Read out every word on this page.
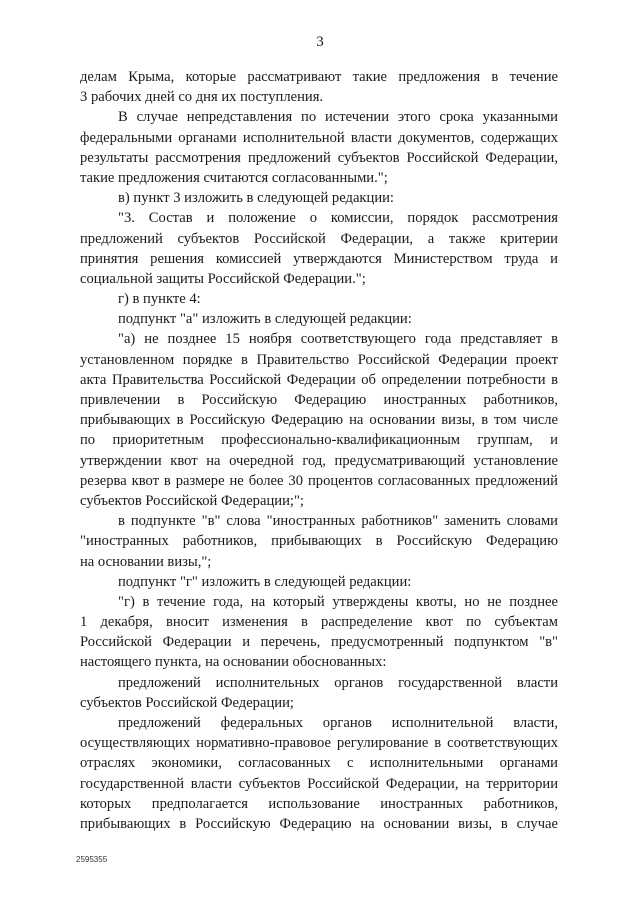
3
делам Крыма, которые рассматривают такие предложения в течение
3 рабочих дней со дня их поступления.
В случае непредставления по истечении этого срока указанными
федеральными органами исполнительной власти документов, содержащих
результаты рассмотрения предложений субъектов Российской Федерации,
такие предложения считаются согласованными.";
в) пункт 3 изложить в следующей редакции:
"3. Состав и положение о комиссии, порядок рассмотрения
предложений субъектов Российской Федерации, а также критерии
принятия решения комиссией утверждаются Министерством труда и
социальной защиты Российской Федерации.";
г) в пункте 4:
подпункт "а" изложить в следующей редакции:
"а) не позднее 15 ноября соответствующего года представляет в
установленном порядке в Правительство Российской Федерации проект
акта Правительства Российской Федерации об определении потребности в
привлечении в Российскую Федерацию иностранных работников,
прибывающих в Российскую Федерацию на основании визы, в том числе
по приоритетным профессионально-квалификационным группам, и
утверждении квот на очередной год, предусматривающий установление
резерва квот в размере не более 30 процентов согласованных предложений
субъектов Российской Федерации;";
в подпункте "в" слова "иностранных работников" заменить словами
"иностранных работников, прибывающих в Российскую Федерацию
на основании визы,";
подпункт "г" изложить в следующей редакции:
"г) в течение года, на который утверждены квоты, но не позднее
1 декабря, вносит изменения в распределение квот по субъектам
Российской Федерации и перечень, предусмотренный подпунктом "в"
настоящего пункта, на основании обоснованных:
предложений исполнительных органов государственной власти
субъектов Российской Федерации;
предложений федеральных органов исполнительной власти,
осуществляющих нормативно-правовое регулирование в соответствующих
отраслях экономики, согласованных с исполнительными органами
государственной власти субъектов Российской Федерации, на территории
которых предполагается использование иностранных работников,
прибывающих в Российскую Федерацию на основании визы, в случае
2595355
